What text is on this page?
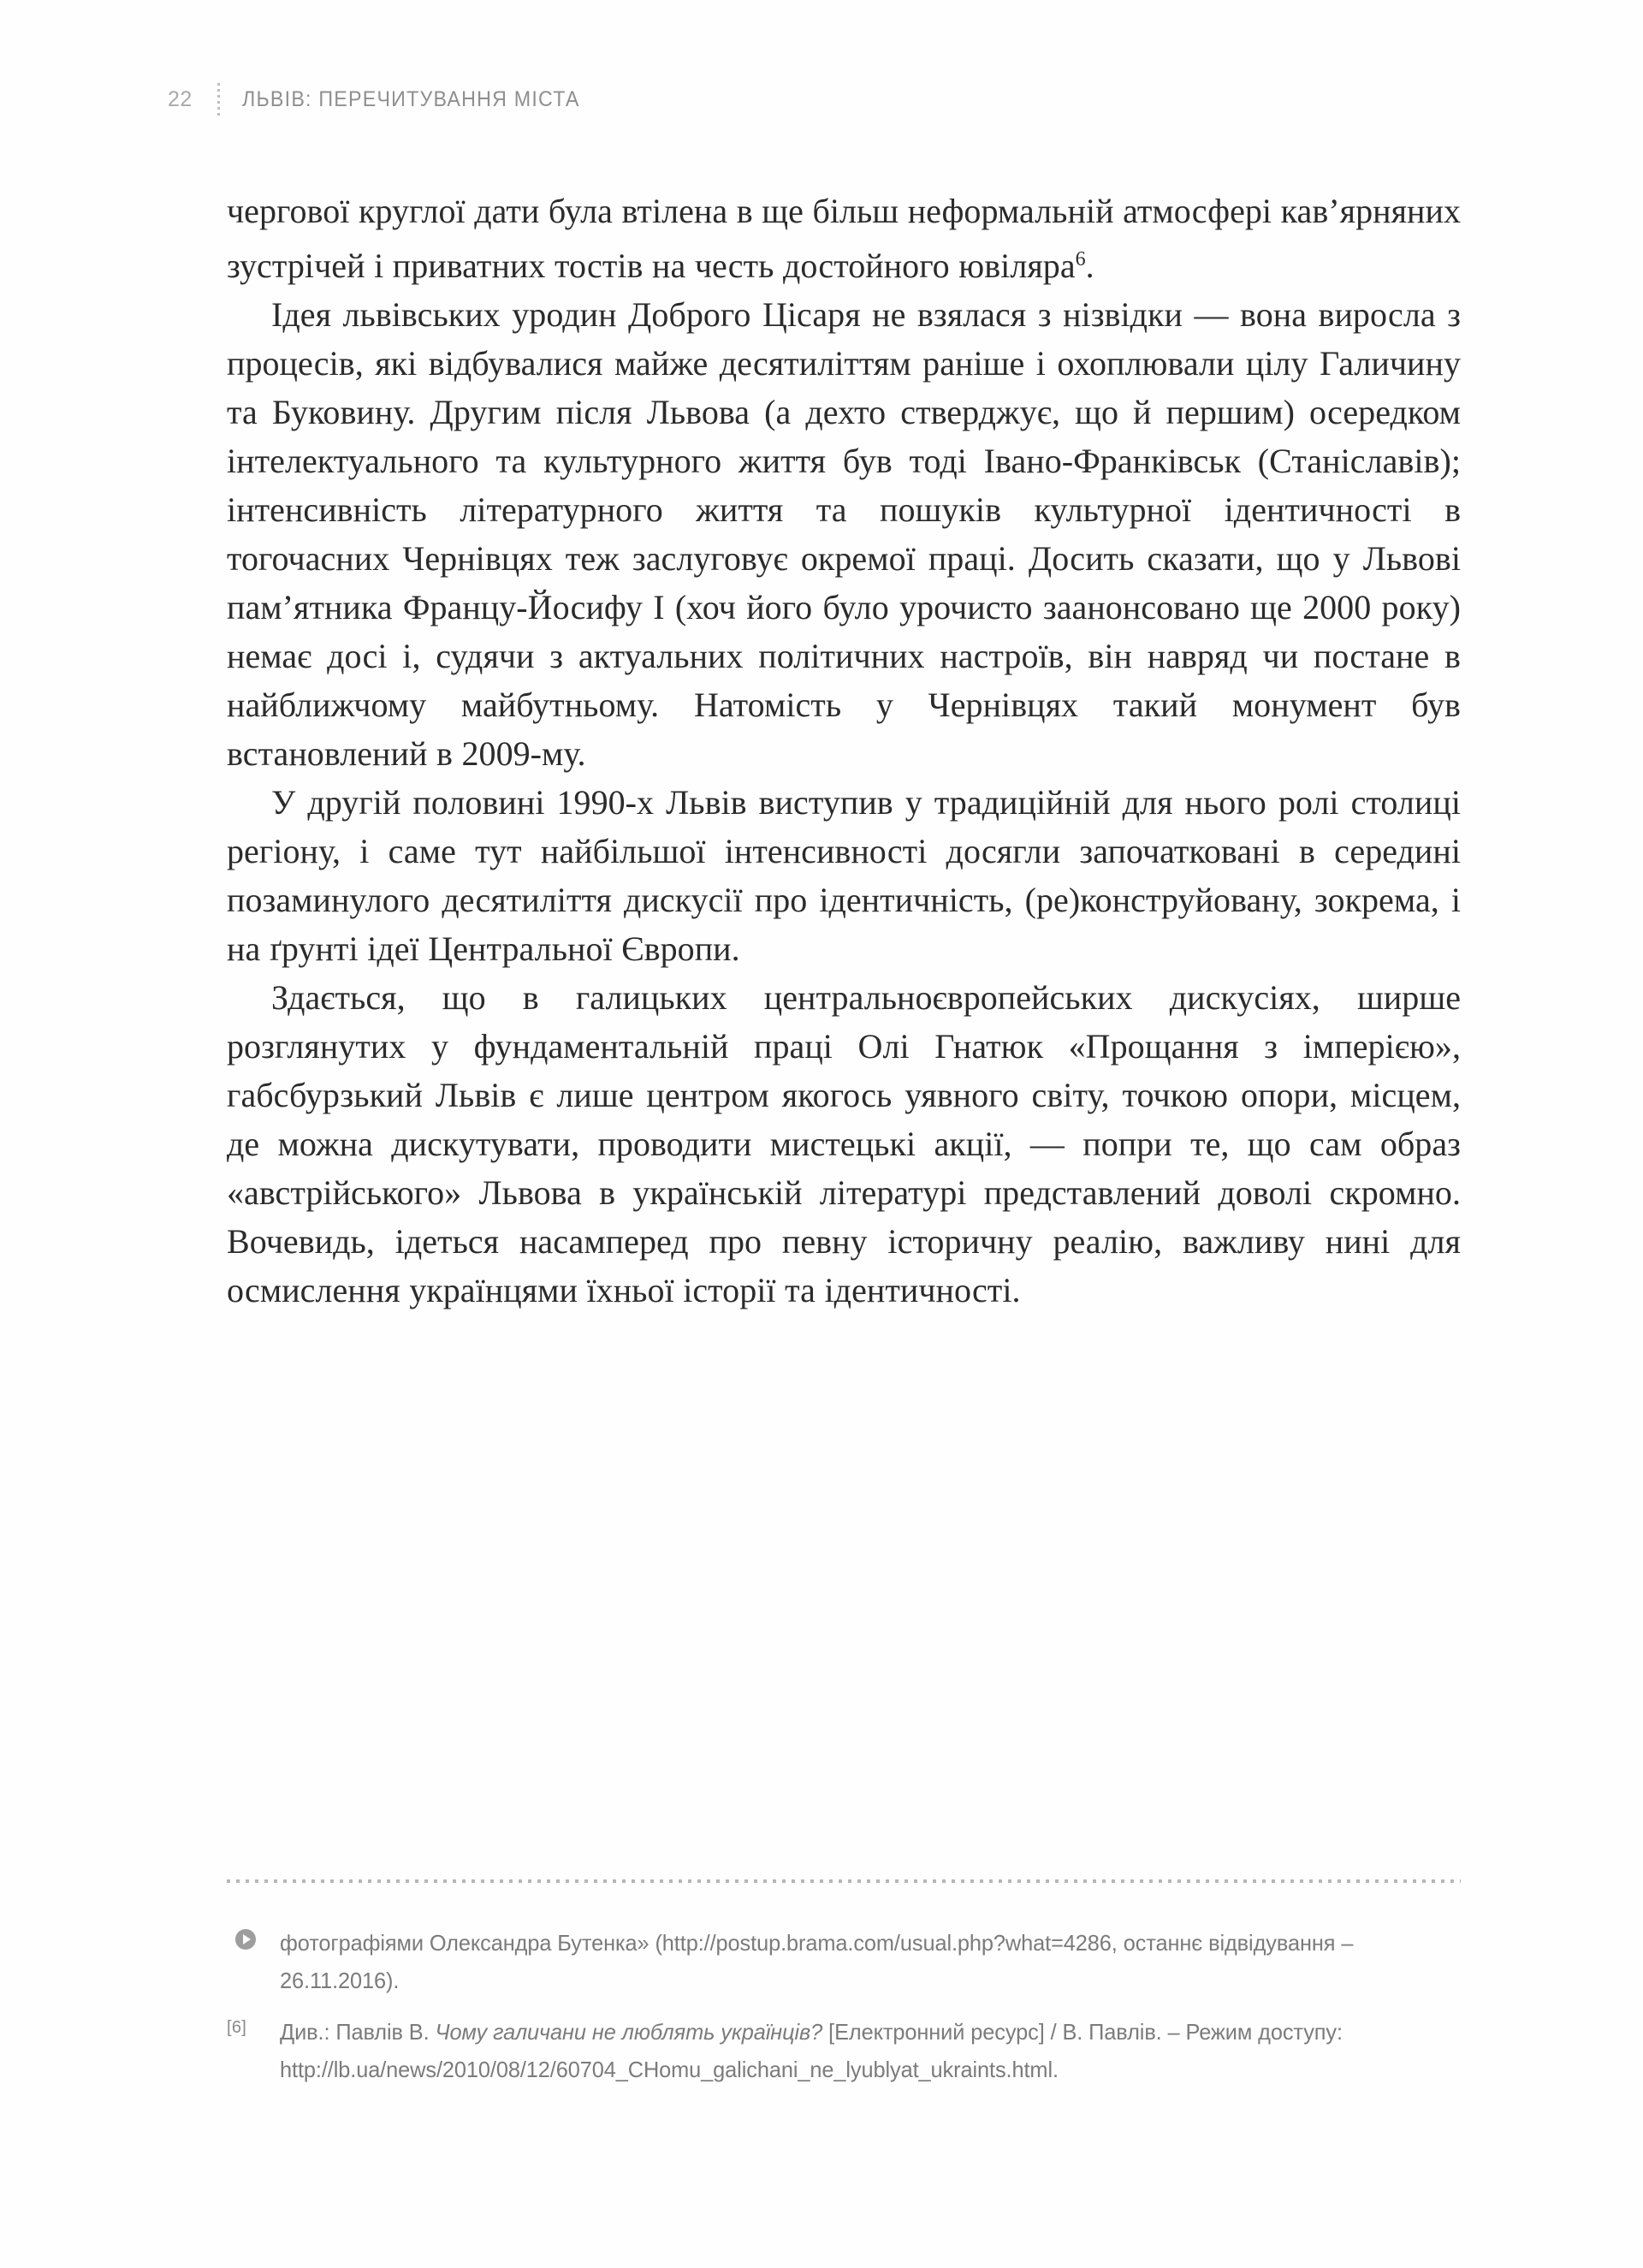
22	ЛЬВІВ: ПЕРЕЧИТУВАННЯ МІСТА

чергової круглої дати була втілена в ще більш неформальній атмосфері кав’ярняних зустрічей і приватних тостів на честь достойного ювіляра$^6$.

Ідея львівських уродин Доброго Цісаря не взялася з нізвідки — вона виросла з процесів, які відбувалися майже десятиліттям раніше і охоплювали цілу Галичину та Буковину. Другим після Львова (а дехто стверджує, що й першим) осередком інтелектуального та культурного життя був тоді Івано-Франківськ (Станіславів); інтенсивність літературного життя та пошуків культурної ідентичності в тогочасних Чернівцях теж заслуговує окремої праці. Досить сказати, що у Львові пам’ятника Францу-Йосифу I (хоч його було урочисто заанонсовано ще 2000 року) немає досі і, судячи з актуальних політичних настроїв, він навряд чи постане в найближчому майбутньому. Натомість у Чернівцях такий монумент був встановлений в 2009-му.

У другій половині 1990-х Львів виступив у традиційній для нього ролі столиці регіону, і саме тут найбільшої інтенсивності досягли започатковані в середині позаминулого десятиліття дискусії про ідентичність, (ре)конструйовану, зокрема, і на ґрунті ідеї Центральної Європи.

Здається, що в галицьких центральноєвропейських дискусіях, ширше розглянутих у фундаментальній праці Олі Гнатюк «Прощання з імперією», габсбурзький Львів є лише центром якогось уявного світу, точкою опори, місцем, де можна дискутувати, проводити мистецькі акції, — попри те, що сам образ «австрійського» Львова в українській літературі представлений доволі скромно. Вочевидь, ідеться насамперед про певну історичну реалію, важливу нині для осмислення українцями їхньої історії та ідентичності.

фотографіями Олександра Бутенка» (http://postup.brama.com/usual.php?what=4286, останнє відвідування – 26.11.2016).
[6]	Див.: Павлів В. Чому галичани не люблять українців? [Електронний ресурс] / В. Павлів. – Режим доступу: http://lb.ua/news/2010/08/12/60704_CHomu_galichani_ne_lyublyat_ukraints.html.
